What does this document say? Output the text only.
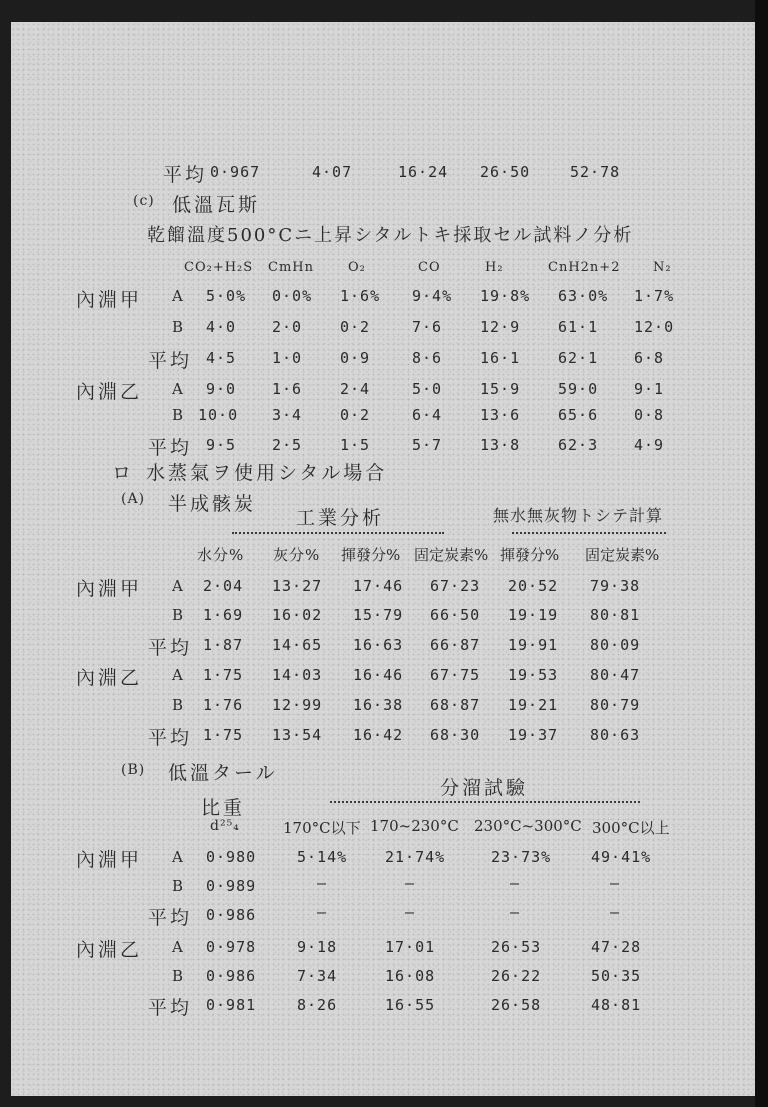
平均 0·967	4·07	16·24 26·50	52·78
(c) 低溫瓦斯
乾餾溫度500°Cニ上昇シタルトキ採取セル試料ノ分析
CO₂+H₂S CmHn	O₂	CO	H₂	CnH2n+2	N₂
內淵甲 A 5·0% 0·0% 1·6% 9·4% 19·8% 63·0% 1·7%
B 4·0 2·0	0·2	7·6	12·9	61·1 12·0
平均 4·5 1·0	0·9	8·6	16·1	62·1 6·8
內淵乙 A 9·0 1·6	2·4	5·0	15·9	59·0 9·1
B 10·0 3·4	0·2	6·4	13·6	65·6 0·8
平均 9·5 2·5	1·5	5·7	13·8	62·3 4·9
ロ 水蒸氣ヲ使用シタル場合
(A) 半成骸炭
工業分析	無水無灰物トシテ計算
水分% 灰分% 揮發分% 固定炭素% 揮發分% 固定炭素%
內淵甲 A 2·04 13·27 17·46 67·23 20·52 79·38
B 1·69 16·02 15·79 66·50 19·19 80·81
平均 1·87 14·65 16·63 66·87 19·91 80·09
內淵乙 A 1·75 14·03 16·46 67·75 19·53 80·47
B 1·76 12·99 16·38 68·87 19·21 80·79
平均 1·75 13·54 16·42 68·30 19·37 80·63
(B) 低溫タール
分溜試驗
比重
d²⁵₄	170°C以下 170~230°C 230°C~300°C 300°C以上
內淵甲 A 0·980	5·14%	21·74%	23·73%	49·41%
B 0·989	—	—	—	—
平均 0·986	—	—	—	—
內淵乙 A 0·978	9·18	17·01	26·53	47·28
B 0·986	7·34	16·08	26·22	50·35
平均 0·981	8·26	16·55	26·58	48·81
